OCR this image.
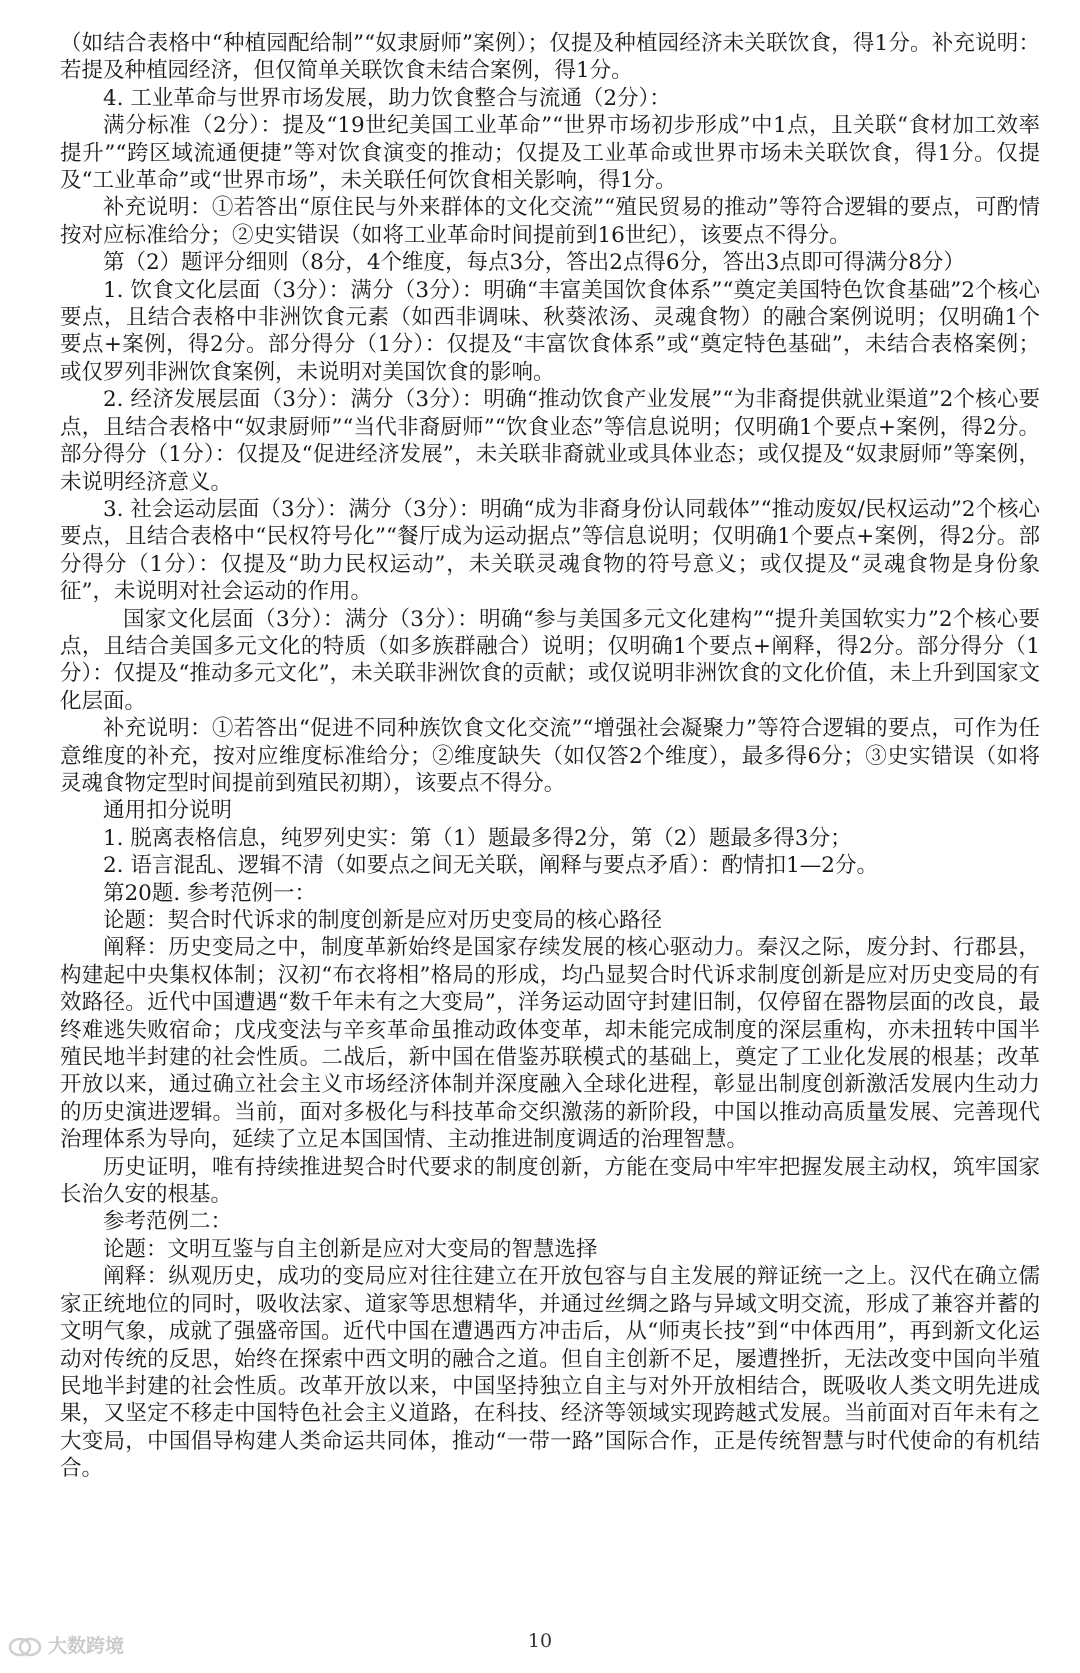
（如结合表格中“种植园配给制”“奴隶厨师”案例）；仅提及种植园经济未关联饮食，得1分。补充说明：若提及种植园经济，但仅简单关联饮食未结合案例，得1分。

4. 工业革命与世界市场发展，助力饮食整合与流通（2分）：

满分标准（2分）：提及“19世纪美国工业革命”“世界市场初步形成”中1点，且关联“食材加工效率提升”“跨区域流通便捷”等对饮食演变的推动；仅提及工业革命或世界市场未关联饮食，得1分。仅提及“工业革命”或“世界市场”，未关联任何饮食相关影响，得1分。

补充说明：①若答出“原住民与外来群体的文化交流”“殖民贸易的推动”等符合逻辑的要点，可酌情按对应标准给分；②史实错误（如将工业革命时间提前到16世纪），该要点不得分。

第（2）题评分细则（8分，4个维度，每点3分，答出2点得6分，答出3点即可得满分8分）

1. 饮食文化层面（3分）：满分（3分）：明确“丰富美国饮食体系”“奠定美国特色饮食基础”2个核心要点，且结合表格中非洲饮食元素（如西非调味、秋葵浓汤、灵魂食物）的融合案例说明；仅明确1个要点+案例，得2分。部分得分（1分）：仅提及“丰富饮食体系”或“奠定特色基础”，未结合表格案例；或仅罗列非洲饮食案例，未说明对美国饮食的影响。

2. 经济发展层面（3分）：满分（3分）：明确“推动饮食产业发展”“为非裔提供就业渠道”2个核心要点，且结合表格中“奴隶厨师”“当代非裔厨师”“饮食业态”等信息说明；仅明确1个要点+案例，得2分。部分得分（1分）：仅提及“促进经济发展”，未关联非裔就业或具体业态；或仅提及“奴隶厨师”等案例，未说明经济意义。

3. 社会运动层面（3分）：满分（3分）：明确“成为非裔身份认同载体”“推动废奴/民权运动”2个核心要点，且结合表格中“民权符号化”“餐厅成为运动据点”等信息说明；仅明确1个要点+案例，得2分。部分得分（1分）：仅提及“助力民权运动”，未关联灵魂食物的符号意义；或仅提及“灵魂食物是身份象征”，未说明对社会运动的作用。

国家文化层面（3分）：满分（3分）：明确“参与美国多元文化建构”“提升美国软实力”2个核心要点，且结合美国多元文化的特质（如多族群融合）说明；仅明确1个要点+阐释，得2分。部分得分（1分）：仅提及“推动多元文化”，未关联非洲饮食的贡献；或仅说明非洲饮食的文化价值，未上升到国家文化层面。

补充说明：①若答出“促进不同种族饮食文化交流”“增强社会凝聚力”等符合逻辑的要点，可作为任意维度的补充，按对应维度标准给分；②维度缺失（如仅答2个维度），最多得6分；③史实错误（如将灵魂食物定型时间提前到殖民初期），该要点不得分。

通用扣分说明

1. 脱离表格信息，纯罗列史实：第（1）题最多得2分，第（2）题最多得3分；

2. 语言混乱、逻辑不清（如要点之间无关联，阐释与要点矛盾）：酌情扣1—2分。

第20题. 参考范例一：

论题：契合时代诉求的制度创新是应对历史变局的核心路径

阐释：历史变局之中，制度革新始终是国家存续发展的核心驱动力。秦汉之际，废分封、行郡县，构建起中央集权体制；汉初“布衣将相”格局的形成，均凸显契合时代诉求制度创新是应对历史变局的有效路径。近代中国遭遇“数千年未有之大变局”，洋务运动固守封建旧制，仅停留在器物层面的改良，最终难逃失败宿命；戊戌变法与辛亥革命虽推动政体变革，却未能完成制度的深层重构，亦未扭转中国半殖民地半封建的社会性质。二战后，新中国在借鉴苏联模式的基础上，奠定了工业化发展的根基；改革开放以来，通过确立社会主义市场经济体制并深度融入全球化进程，彰显出制度创新激活发展内生动力的历史演进逻辑。当前，面对多极化与科技革命交织激荡的新阶段，中国以推动高质量发展、完善现代治理体系为导向，延续了立足本国国情、主动推进制度调适的治理智慧。

历史证明，唯有持续推进契合时代要求的制度创新，方能在变局中牢牢把握发展主动权，筑牢国家长治久安的根基。

参考范例二：

论题：文明互鉴与自主创新是应对大变局的智慧选择

阐释：纵观历史，成功的变局应对往往建立在开放包容与自主发展的辩证统一之上。汉代在确立儒家正统地位的同时，吸收法家、道家等思想精华，并通过丝绸之路与异域文明交流，形成了兼容并蓄的文明气象，成就了强盛帝国。近代中国在遭遇西方冲击后，从“师夷长技”到“中体西用”，再到新文化运动对传统的反思，始终在探索中西文明的融合之道。但自主创新不足，屡遭挫折，无法改变中国向半殖民地半封建的社会性质。改革开放以来，中国坚持独立自主与对外开放相结合，既吸收人类文明先进成果，又坚定不移走中国特色社会主义道路，在科技、经济等领域实现跨越式发展。当前面对百年未有之大变局，中国倡导构建人类命运共同体，推动“一带一路”国际合作，正是传统智慧与时代使命的有机结合。

大数跨境	10
